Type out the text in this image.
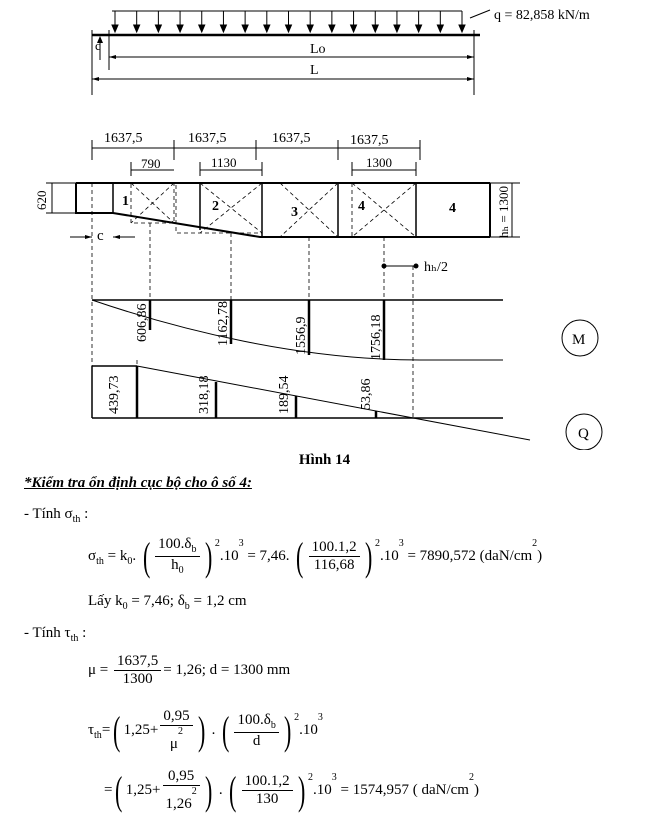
q = 82,858 kN/m
c	Lo
L
1637,5	1637,5	1637,5	1637,5
790	1130	1300
1	2	3	4	4
620	hₕ = 1300
c
hₕ/2
606,86	1162,78	1556,9	1756,18	M
439,73	318,18	189,54	53,86
Q
Hình 14
*Kiểm tra ổn định cục bộ cho ô số 4:
- Tính $\sigma_{th}$ :
$\sigma_{th} = k_0$. ( $\frac{100.\delta_b}{h_0}$ ) $^2.10^3 = 7,46$. ( $\frac{100.1,2}{116,68}$ ) $^2.10^3 = 7890,572$ $(daN/cm^2)$
Lấy $k_0 = 7,46$; $\delta_b = 1,2$ cm
- Tính $\tau_{th}$ :
$\mu = \frac{1637,5}{1300} = 1,26$; d = 1300 mm
$\tau_{th}=$( $1,25+ \frac{0,95}{\mu^2}$ ) . ( $\frac{100.\delta_b}{d}$ ) $^2.10^3$
=( $1,25+ \frac{0,95}{1,26^2}$ ) . ( $\frac{100.1,2}{130}$ ) $^2.10^3 = 1574,957$ ( daN/$cm^2$)
